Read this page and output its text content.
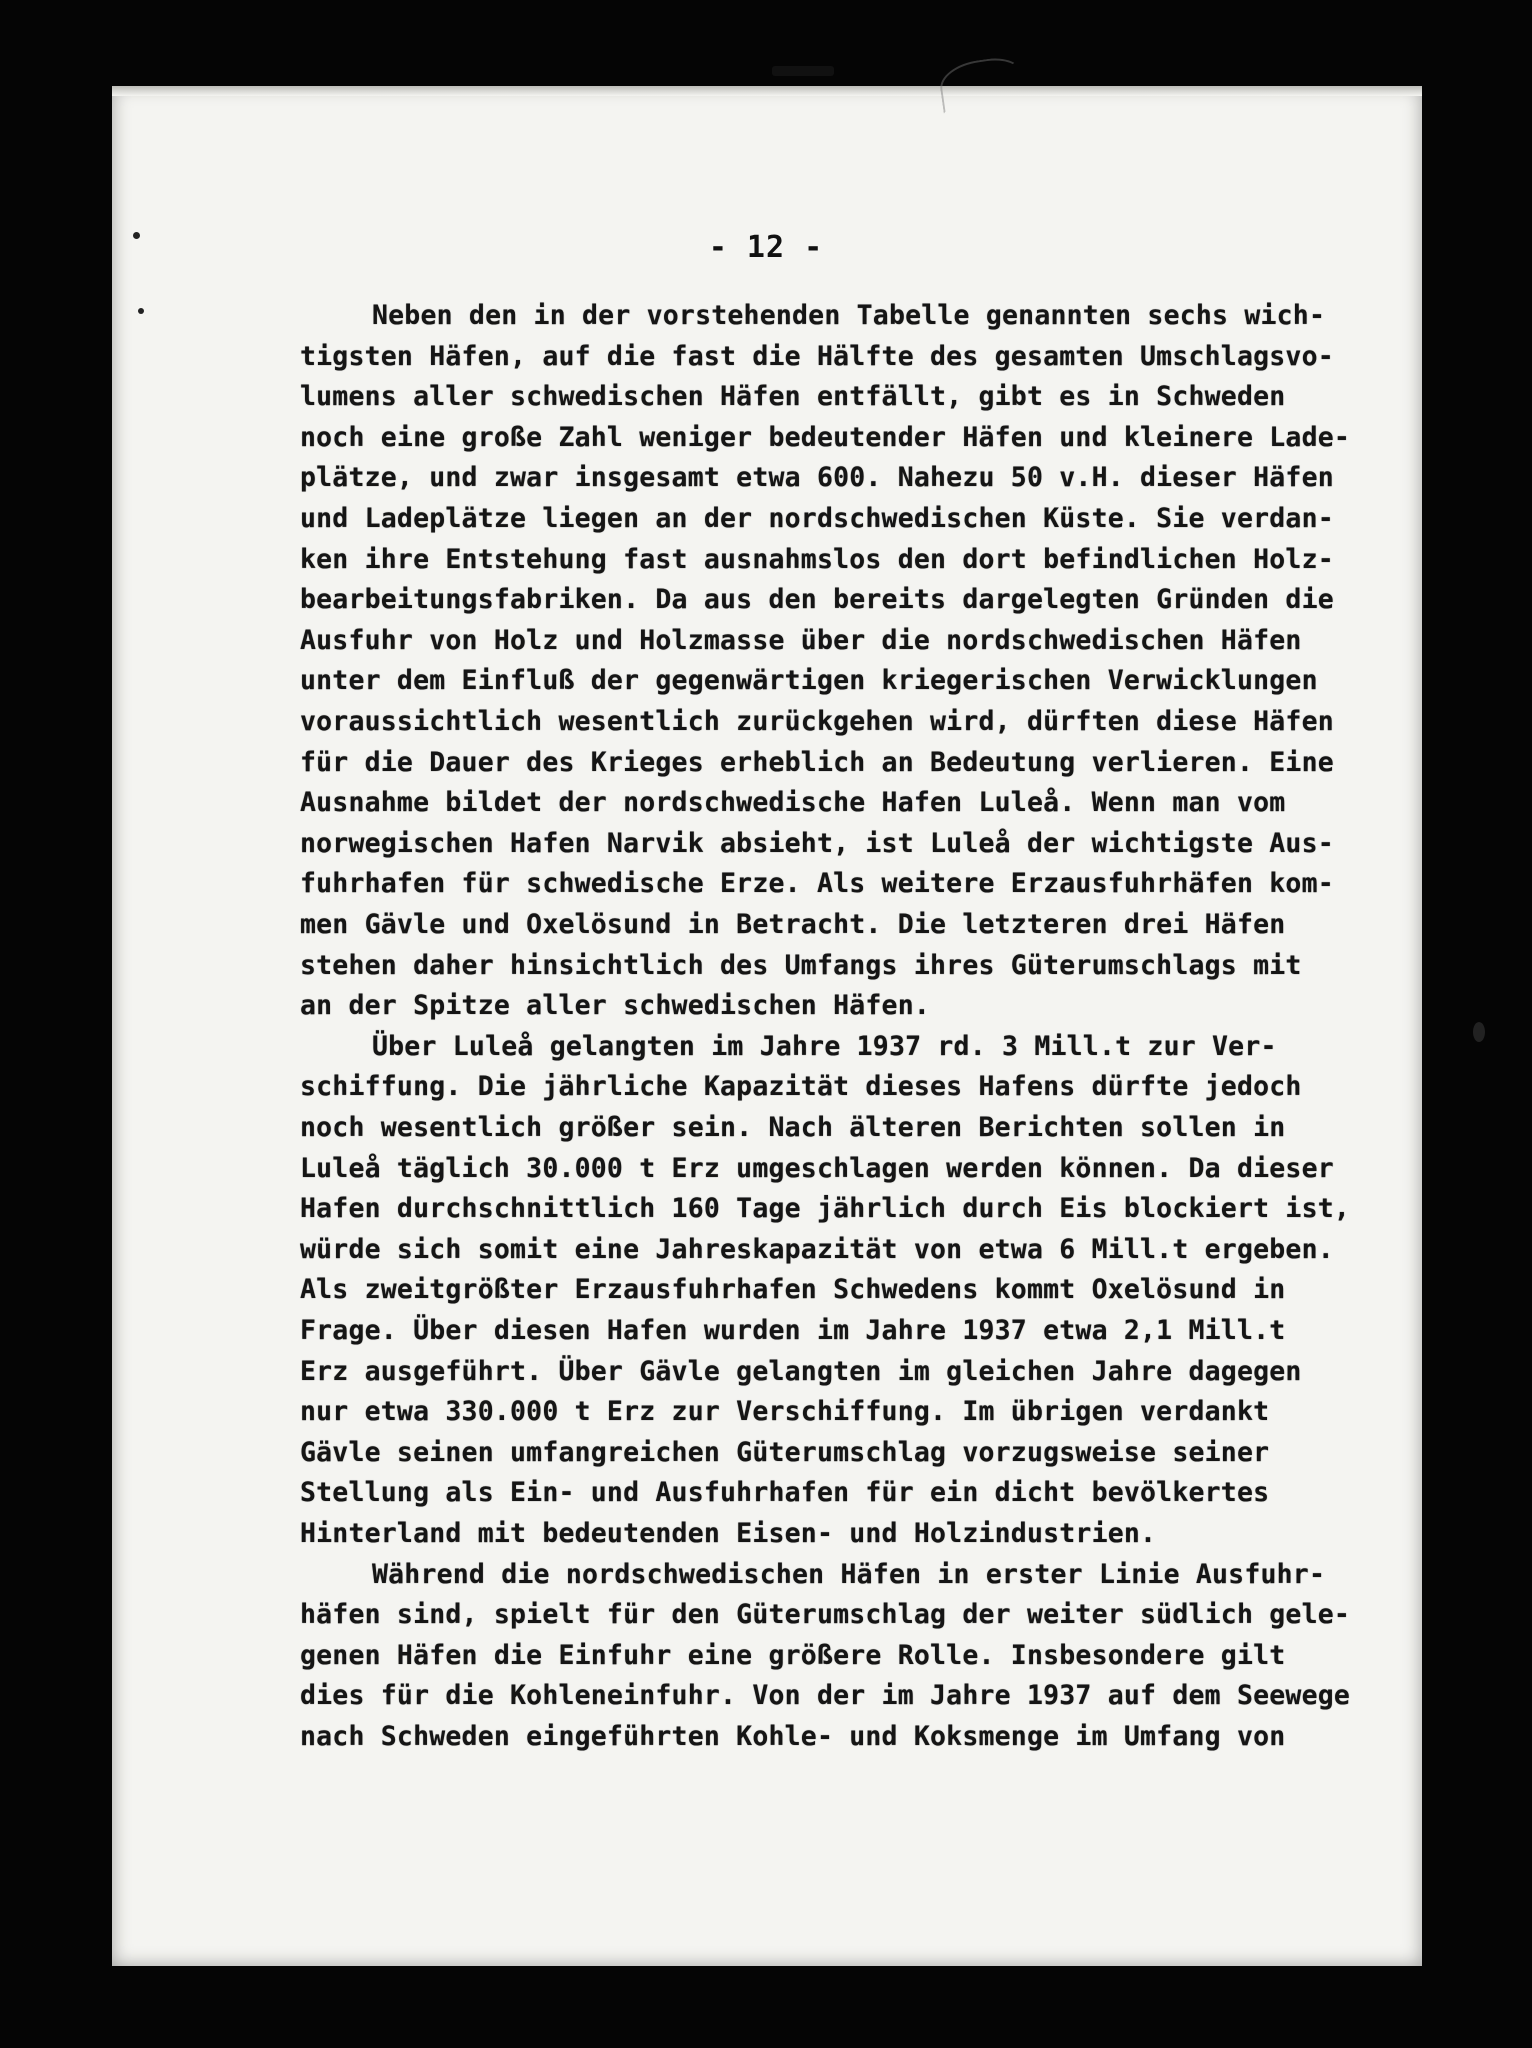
- 12 -
Neben den in der vorstehenden Tabelle genannten sechs wich-
tigsten Häfen, auf die fast die Hälfte des gesamten Umschlagsvo-
lumens aller schwedischen Häfen entfällt, gibt es in Schweden
noch eine große Zahl weniger bedeutender Häfen und kleinere Lade-
plätze, und zwar insgesamt etwa 600. Nahezu 50 v.H. dieser Häfen
und Ladeplätze liegen an der nordschwedischen Küste. Sie verdan-
ken ihre Entstehung fast ausnahmslos den dort befindlichen Holz-
bearbeitungsfabriken. Da aus den bereits dargelegten Gründen die
Ausfuhr von Holz und Holzmasse über die nordschwedischen Häfen
unter dem Einfluß der gegenwärtigen kriegerischen Verwicklungen
voraussichtlich wesentlich zurückgehen wird, dürften diese Häfen
für die Dauer des Krieges erheblich an Bedeutung verlieren. Eine
Ausnahme bildet der nordschwedische Hafen Luleå. Wenn man vom
norwegischen Hafen Narvik absieht, ist Luleå der wichtigste Aus-
fuhrhafen für schwedische Erze. Als weitere Erzausfuhrhäfen kom-
men Gävle und Oxelösund in Betracht. Die letzteren drei Häfen
stehen daher hinsichtlich des Umfangs ihres Güterumschlags mit
an der Spitze aller schwedischen Häfen.
Über Luleå gelangten im Jahre 1937 rd. 3 Mill.t zur Ver-
schiffung. Die jährliche Kapazität dieses Hafens dürfte jedoch
noch wesentlich größer sein. Nach älteren Berichten sollen in
Luleå täglich 30.000 t Erz umgeschlagen werden können. Da dieser
Hafen durchschnittlich 160 Tage jährlich durch Eis blockiert ist,
würde sich somit eine Jahreskapazität von etwa 6 Mill.t ergeben.
Als zweitgrößter Erzausfuhrhafen Schwedens kommt Oxelösund in
Frage. Über diesen Hafen wurden im Jahre 1937 etwa 2,1 Mill.t
Erz ausgeführt. Über Gävle gelangten im gleichen Jahre dagegen
nur etwa 330.000 t Erz zur Verschiffung. Im übrigen verdankt
Gävle seinen umfangreichen Güterumschlag vorzugsweise seiner
Stellung als Ein- und Ausfuhrhafen für ein dicht bevölkertes
Hinterland mit bedeutenden Eisen- und Holzindustrien.
Während die nordschwedischen Häfen in erster Linie Ausfuhr-
häfen sind, spielt für den Güterumschlag der weiter südlich gele-
genen Häfen die Einfuhr eine größere Rolle. Insbesondere gilt
dies für die Kohleneinfuhr. Von der im Jahre 1937 auf dem Seewege
nach Schweden eingeführten Kohle- und Koksmenge im Umfang von
